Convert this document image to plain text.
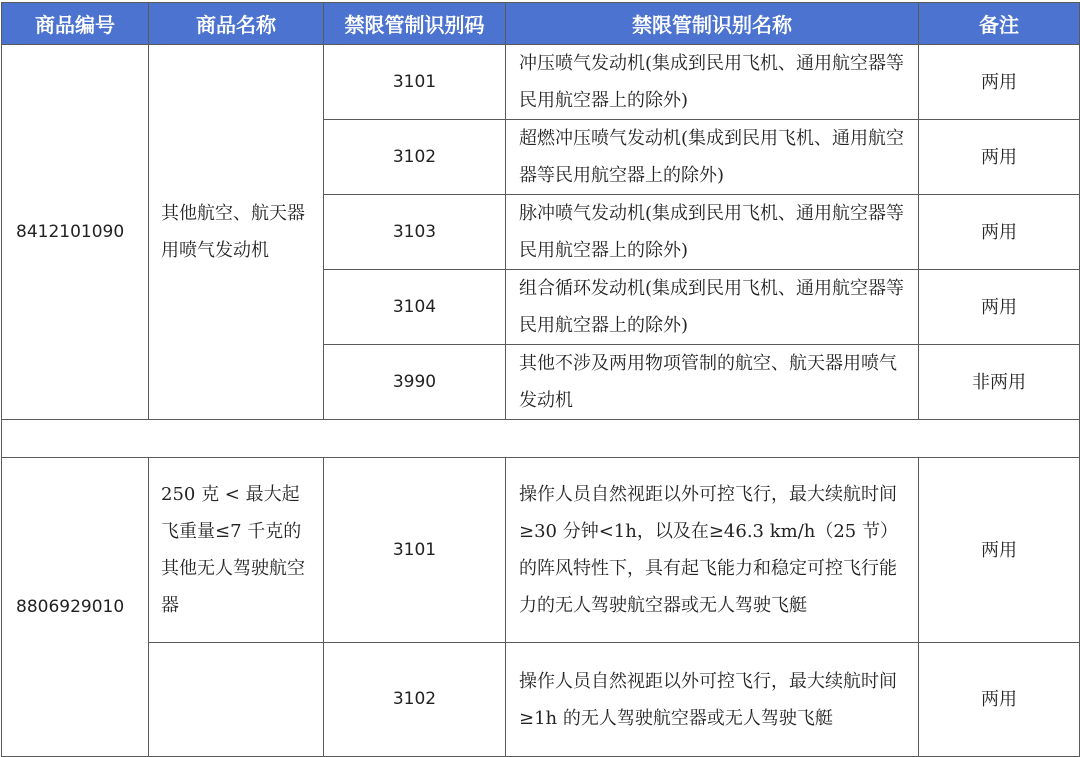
商品编号	商品名称	禁限管制识别码	禁限管制识别名称	备注
8412101090	其他航空、航天器用喷气发动机	3101	冲压喷气发动机(集成到民用飞机、通用航空器等民用航空器上的除外)	两用
		3102	超燃冲压喷气发动机(集成到民用飞机、通用航空器等民用航空器上的除外)	两用
		3103	脉冲喷气发动机(集成到民用飞机、通用航空器等民用航空器上的除外)	两用
		3104	组合循环发动机(集成到民用飞机、通用航空器等民用航空器上的除外)	两用
		3990	其他不涉及两用物项管制的航空、航天器用喷气发动机	非两用

8806929010	250 克 < 最大起飞重量≤7 千克的其他无人驾驶航空器	3101	操作人员自然视距以外可控飞行，最大续航时间≥30 分钟<1h，以及在≥46.3 km/h（25 节）的阵风特性下，具有起飞能力和稳定可控飞行能力的无人驾驶航空器或无人驾驶飞艇	两用
		3102	操作人员自然视距以外可控飞行，最大续航时间≥1h 的无人驾驶航空器或无人驾驶飞艇	两用
